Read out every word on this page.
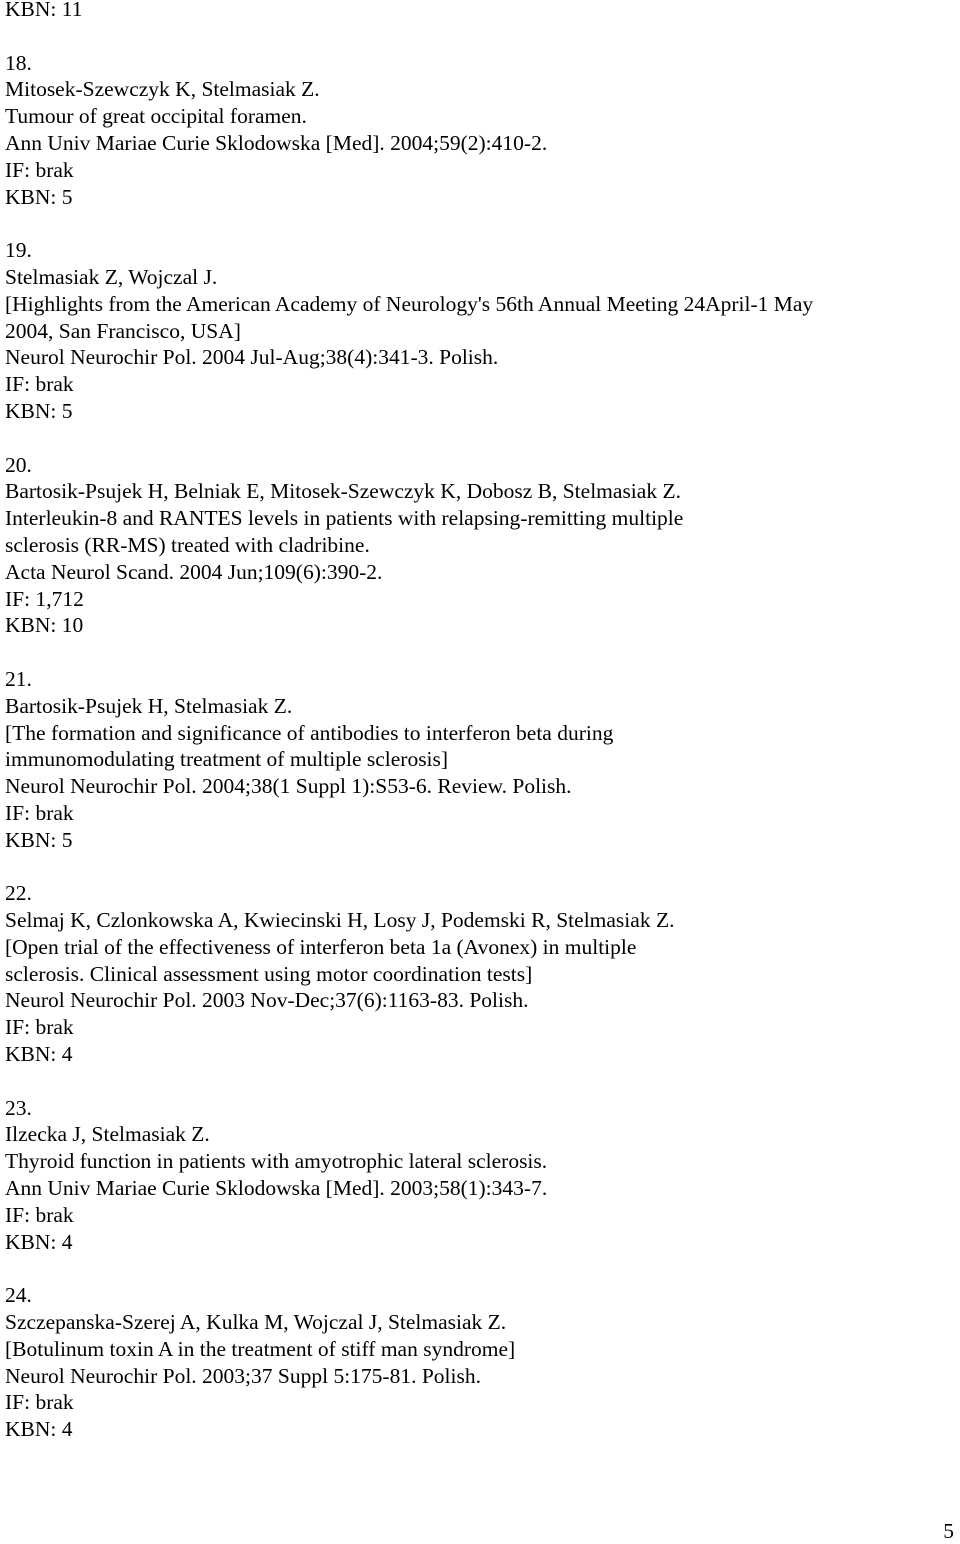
KBN: 11
18.
Mitosek-Szewczyk K, Stelmasiak Z.
Tumour of great occipital foramen.
Ann Univ Mariae Curie Sklodowska [Med]. 2004;59(2):410-2.
IF: brak
KBN: 5
19.
Stelmasiak Z, Wojczal J.
[Highlights from the American Academy of Neurology's 56th Annual Meeting 24April-1 May
2004, San Francisco, USA]
Neurol Neurochir Pol. 2004 Jul-Aug;38(4):341-3. Polish.
IF: brak
KBN: 5
20.
Bartosik-Psujek H, Belniak E, Mitosek-Szewczyk K, Dobosz B, Stelmasiak Z.
Interleukin-8 and RANTES levels in patients with relapsing-remitting multiple
sclerosis (RR-MS) treated with cladribine.
Acta Neurol Scand. 2004 Jun;109(6):390-2.
IF: 1,712
KBN: 10
21.
Bartosik-Psujek H, Stelmasiak Z.
[The formation and significance of antibodies to interferon beta during
immunomodulating treatment of multiple sclerosis]
Neurol Neurochir Pol. 2004;38(1 Suppl 1):S53-6. Review. Polish.
IF: brak
KBN: 5
22.
Selmaj K, Czlonkowska A, Kwiecinski H, Losy J, Podemski R, Stelmasiak Z.
[Open trial of the effectiveness of interferon beta 1a (Avonex) in multiple
sclerosis. Clinical assessment using motor coordination tests]
Neurol Neurochir Pol. 2003 Nov-Dec;37(6):1163-83. Polish.
IF: brak
KBN: 4
23.
Ilzecka J, Stelmasiak Z.
Thyroid function in patients with amyotrophic lateral sclerosis.
Ann Univ Mariae Curie Sklodowska [Med]. 2003;58(1):343-7.
IF: brak
KBN: 4
24.
Szczepanska-Szerej A, Kulka M, Wojczal J, Stelmasiak Z.
[Botulinum toxin A in the treatment of stiff man syndrome]
Neurol Neurochir Pol. 2003;37 Suppl 5:175-81. Polish.
IF: brak
KBN: 4
5
